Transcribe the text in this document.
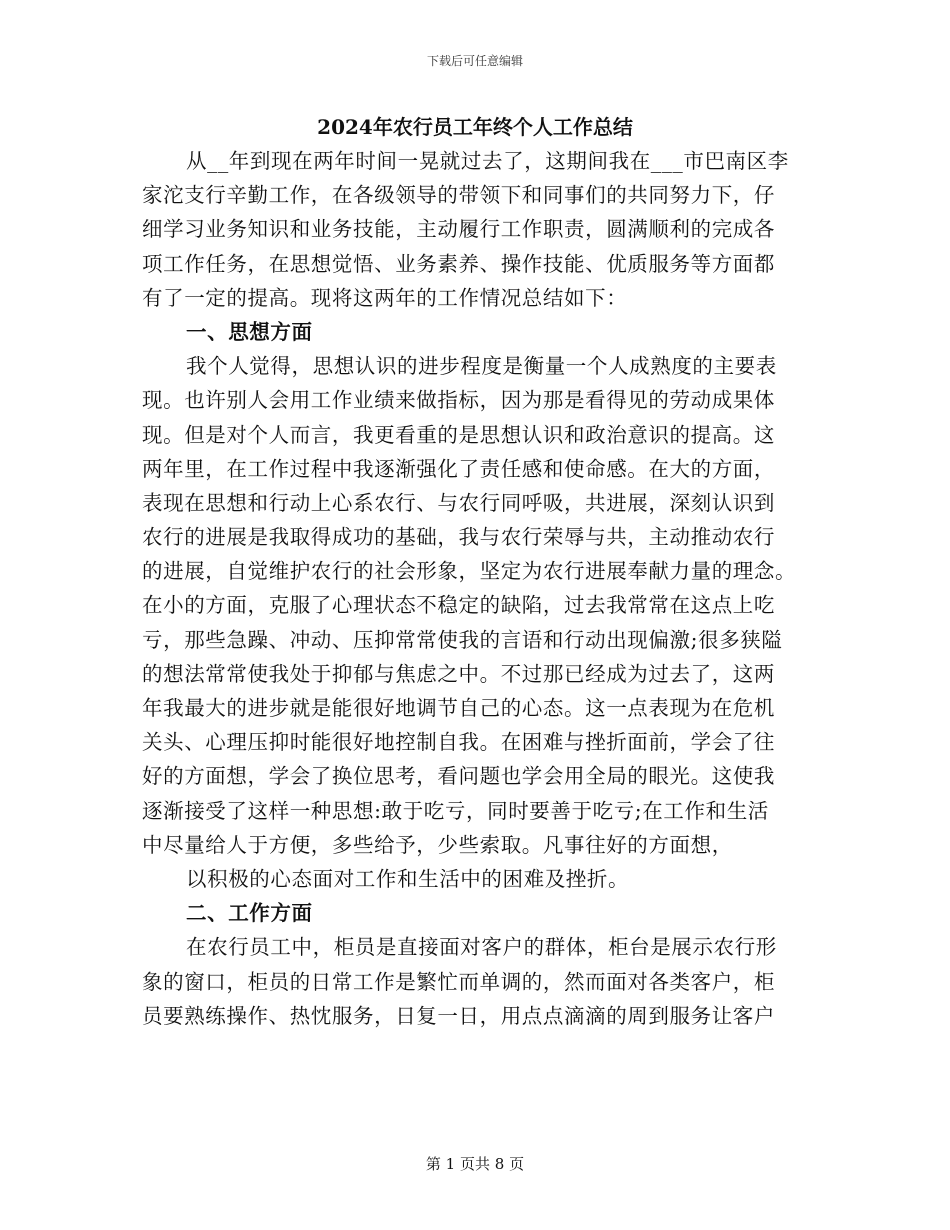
下载后可任意编辑
2024年农行员工年终个人工作总结
从__年到现在两年时间一晃就过去了，这期间我在___市巴南区李
家沱支行辛勤工作，在各级领导的带领下和同事们的共同努力下，仔
细学习业务知识和业务技能，主动履行工作职责，圆满顺利的完成各
项工作任务，在思想觉悟、业务素养、操作技能、优质服务等方面都
有了一定的提高。现将这两年的工作情况总结如下：
一、思想方面
我个人觉得，思想认识的进步程度是衡量一个人成熟度的主要表
现。也许别人会用工作业绩来做指标，因为那是看得见的劳动成果体
现。但是对个人而言，我更看重的是思想认识和政治意识的提高。这
两年里，在工作过程中我逐渐强化了责任感和使命感。在大的方面，
表现在思想和行动上心系农行、与农行同呼吸，共进展，深刻认识到
农行的进展是我取得成功的基础，我与农行荣辱与共，主动推动农行
的进展，自觉维护农行的社会形象，坚定为农行进展奉献力量的理念。
在小的方面，克服了心理状态不稳定的缺陷，过去我常常在这点上吃
亏，那些急躁、冲动、压抑常常使我的言语和行动出现偏激;很多狭隘
的想法常常使我处于抑郁与焦虑之中。不过那已经成为过去了，这两
年我最大的进步就是能很好地调节自己的心态。这一点表现为在危机
关头、心理压抑时能很好地控制自我。在困难与挫折面前，学会了往
好的方面想，学会了换位思考，看问题也学会用全局的眼光。这使我
逐渐接受了这样一种思想:敢于吃亏，同时要善于吃亏;在工作和生活
中尽量给人于方便，多些给予，少些索取。凡事往好的方面想，
以积极的心态面对工作和生活中的困难及挫折。
二、工作方面
在农行员工中，柜员是直接面对客户的群体，柜台是展示农行形
象的窗口，柜员的日常工作是繁忙而单调的，然而面对各类客户，柜
员要熟练操作、热忱服务，日复一日，用点点滴滴的周到服务让客户
第 1 页共 8 页
